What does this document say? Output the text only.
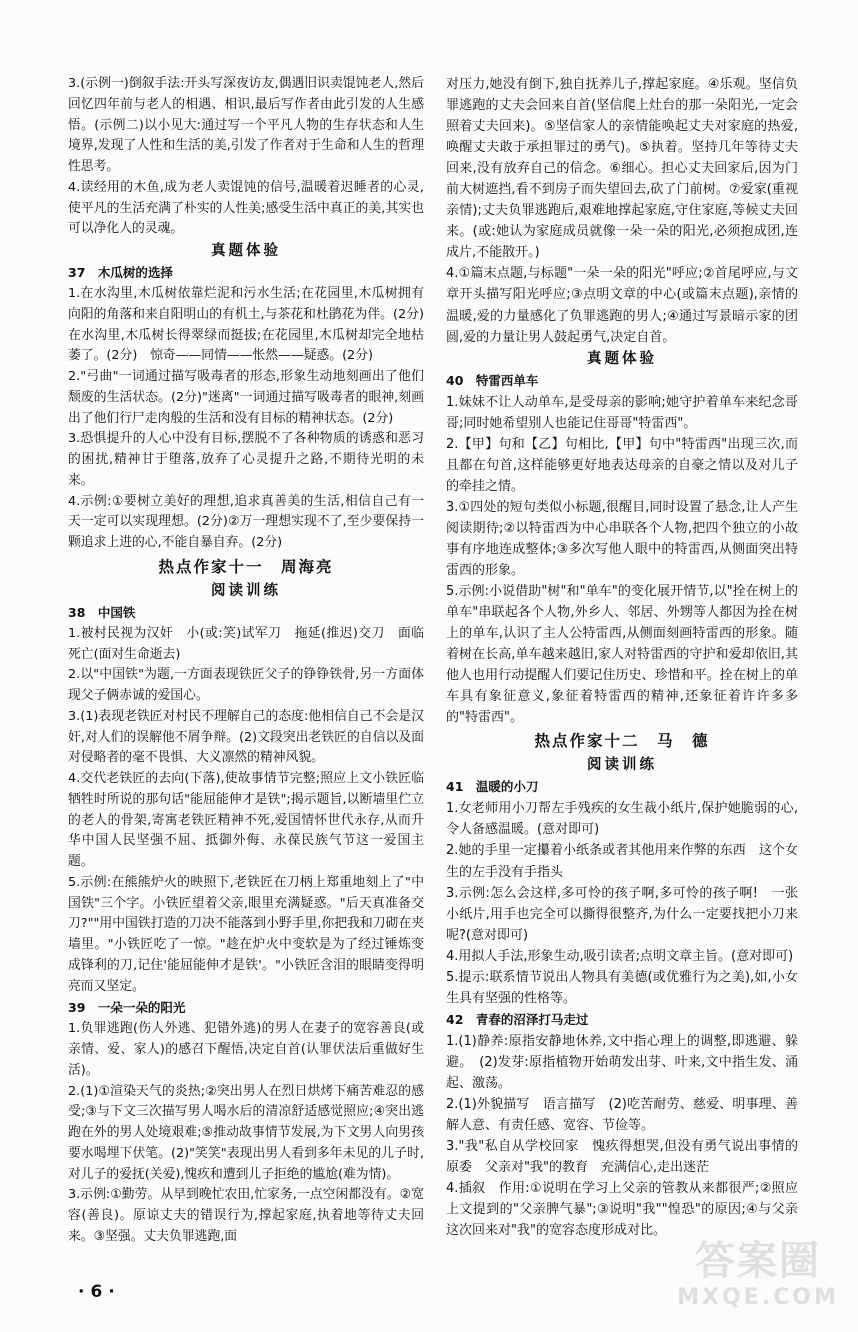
3.(示例一)倒叙手法:开头写深夜访友,偶遇旧识卖馄饨老人,然后回忆四年前与老人的相遇、相识,最后写作者由此引发的人生感悟。(示例二)以小见大:通过写一个平凡人物的生存状态和人生境界,发现了人性和生活的美,引发了作者对于生命和人生的哲理性思考。

4.读经用的木鱼,成为老人卖馄饨的信号,温暖着迟睡者的心灵,使平凡的生活充满了朴实的人性美;感受生活中真正的美,其实也可以净化人的灵魂。

真题体验
37　木瓜树的选择

1.在水沟里,木瓜树依靠烂泥和污水生活;在花园里,木瓜树拥有向阳的角落和来自阳明山的有机土,与茶花和杜鹃花为伴。(2分)　在水沟里,木瓜树长得翠绿而挺拔;在花园里,木瓜树却完全地枯萎了。(2分)　惊奇——同情——怅然——疑惑。(2分)

2."弓曲"一词通过描写吸毒者的形态,形象生动地刻画出了他们颓废的生活状态。(2分)"迷离"一词通过描写吸毒者的眼神,刻画出了他们行尸走肉般的生活和没有目标的精神状态。(2分)

3.恐惧提升的人心中没有目标,摆脱不了各种物质的诱惑和恶习的困扰,精神甘于堕落,放弃了心灵提升之路,不期待光明的未来。

4.示例:①要树立美好的理想,追求真善美的生活,相信自己有一天一定可以实现理想。(2分)②万一理想实现不了,至少要保持一颗追求上进的心,不能自暴自弃。(2分)

热点作家十一　周海亮
阅读训练
38　中国铁

1.被村民视为汉奸　小(或:笑)试军刀　拖延(推迟)交刀　面临死亡(面对生命逝去)

2.以"中国铁"为题,一方面表现铁匠父子的铮铮铁骨,另一方面体现父子俩赤诚的爱国心。

3.(1)表现老铁匠对村民不理解自己的态度:他相信自己不会是汉奸,对人们的误解他不屑争辩。(2)文段突出老铁匠的自信以及面对侵略者的毫不畏惧、大义凛然的精神风貌。

4.交代老铁匠的去向(下落),使故事情节完整;照应上文小铁匠临牺牲时所说的那句话"能屈能伸才是铁";揭示题旨,以断墙里伫立的老人的骨架,寄寓老铁匠精神不死,爱国情怀世代永存,从而升华中国人民坚强不屈、抵御外侮、永葆民族气节这一爱国主题。

5.示例:在熊熊炉火的映照下,老铁匠在刀柄上郑重地刻上了"中国铁"三个字。小铁匠望着父亲,眼里充满疑惑。"后天真准备交刀?""用中国铁打造的刀决不能落到小野手里,你把我和刀砌在夹墙里。"小铁匠吃了一惊。"趁在炉火中变软是为了经过锤炼变成锋利的刀,记住'能屈能伸才是铁'。"小铁匠含泪的眼睛变得明亮而又坚定。

39　一朵一朵的阳光

1.负罪逃跑(伤人外逃、犯错外逃)的男人在妻子的宽容善良(或亲情、爱、家人)的感召下醒悟,决定自首(认罪伏法后重做好生活)。

2.(1)①渲染天气的炎热;②突出男人在烈日烘烤下痛苦难忍的感受;③与下文三次描写男人喝水后的清凉舒适感觉照应;④突出逃跑在外的男人处境艰难;⑤推动故事情节发展,为下文男人向男孩要水喝埋下伏笔。(2)"笑笑"表现出男人看到多年未见的儿子时,对儿子的爱抚(关爱),愧疚和遭到儿子拒绝的尴尬(难为情)。

3.示例:①勤劳。从早到晚忙农田,忙家务,一点空闲都没有。②宽容(善良)。原谅丈夫的错误行为,撑起家庭,执着地等待丈夫回来。③坚强。丈夫负罪逃跑,面

对压力,她没有倒下,独自抚养儿子,撑起家庭。④乐观。坚信负罪逃跑的丈夫会回来自首(坚信爬上灶台的那一朵阳光,一定会照着丈夫回来)。⑤坚信家人的亲情能唤起丈夫对家庭的热爱,唤醒丈夫敢于承担罪过的勇气)。⑤执着。坚持几年等待丈夫回来,没有放弃自己的信念。⑥细心。担心丈夫回家后,因为门前大树遮挡,看不到房子而失望回去,砍了门前树。⑦爱家(重视亲情);丈夫负罪逃跑后,艰难地撑起家庭,守住家庭,等候丈夫回来。(或:她认为家庭成员就像一朵一朵的阳光,必须抱成团,连成片,不能散开。)

4.①篇末点题,与标题"一朵一朵的阳光"呼应;②首尾呼应,与文章开头描写阳光呼应;③点明文章的中心(或篇末点题),亲情的温暖,爱的力量感化了负罪逃跑的男人;④通过写景暗示家的团圆,爱的力量让男人鼓起勇气,决定自首。

真题体验
40　特雷西单车

1.妹妹不让人动单车,是受母亲的影响;她守护着单车来纪念哥哥;同时她希望别人也能记住哥哥"特雷西"。

2.【甲】句和【乙】句相比,【甲】句中"特雷西"出现三次,而且都在句首,这样能够更好地表达母亲的自豪之情以及对儿子的牵挂之情。

3.①四处的短句类似小标题,很醒目,同时设置了悬念,让人产生阅读期待;②以特雷西为中心串联各个人物,把四个独立的小故事有序地连成整体;③多次写他人眼中的特雷西,从侧面突出特雷西的形象。

5.示例:小说借助"树"和"单车"的变化展开情节,以"拴在树上的单车"串联起各个人物,外乡人、邻居、外甥等人都因为拴在树上的单车,认识了主人公特雷西,从侧面刻画特雷西的形象。随着树在长高,单车越来越旧,家人对特雷西的守护和爱却依旧,其他人也用行动提醒人们要记住历史、珍惜和平。拴在树上的单车具有象征意义,象征着特雷西的精神,还象征着许许多多的"特雷西"。

热点作家十二　马　德
阅读训练
41　温暖的小刀

1.女老师用小刀帮左手残疾的女生裁小纸片,保护她脆弱的心,令人备感温暖。(意对即可)

2.她的手里一定攥着小纸条或者其他用来作弊的东西　这个女生的左手没有手指头

3.示例:怎么会这样,多可怜的孩子啊,多可怜的孩子啊!　一张小纸片,用手也完全可以撕得很整齐,为什么一定要找把小刀来呢?(意对即可)

4.用拟人手法,形象生动,吸引读者;点明文章主旨。(意对即可)

5.提示:联系情节说出人物具有美德(或优雅行为之美),如,小女生具有坚强的性格等。

42　青春的沼泽打马走过

1.(1)静养:原指安静地休养,文中指心理上的调整,即逃避、躲避。　(2)发芽:原指植物开始萌发出芽、叶来,文中指生发、涌起、激荡。

2.(1)外貌描写　语言描写　(2)吃苦耐劳、慈爱、明事理、善解人意、有责任感、宽容、节俭等。

3."我"私自从学校回家　愧疚得想哭,但没有勇气说出事情的原委　父亲对"我"的教育　充满信心,走出迷茫

4.插叙　作用:①说明在学习上父亲的管教从来都很严;②照应上文提到的"父亲脾气暴";③说明"我""惶恐"的原因;④与父亲这次回来对"我"的宽容态度形成对比。

·6·
答案圈
MXQE.COM
